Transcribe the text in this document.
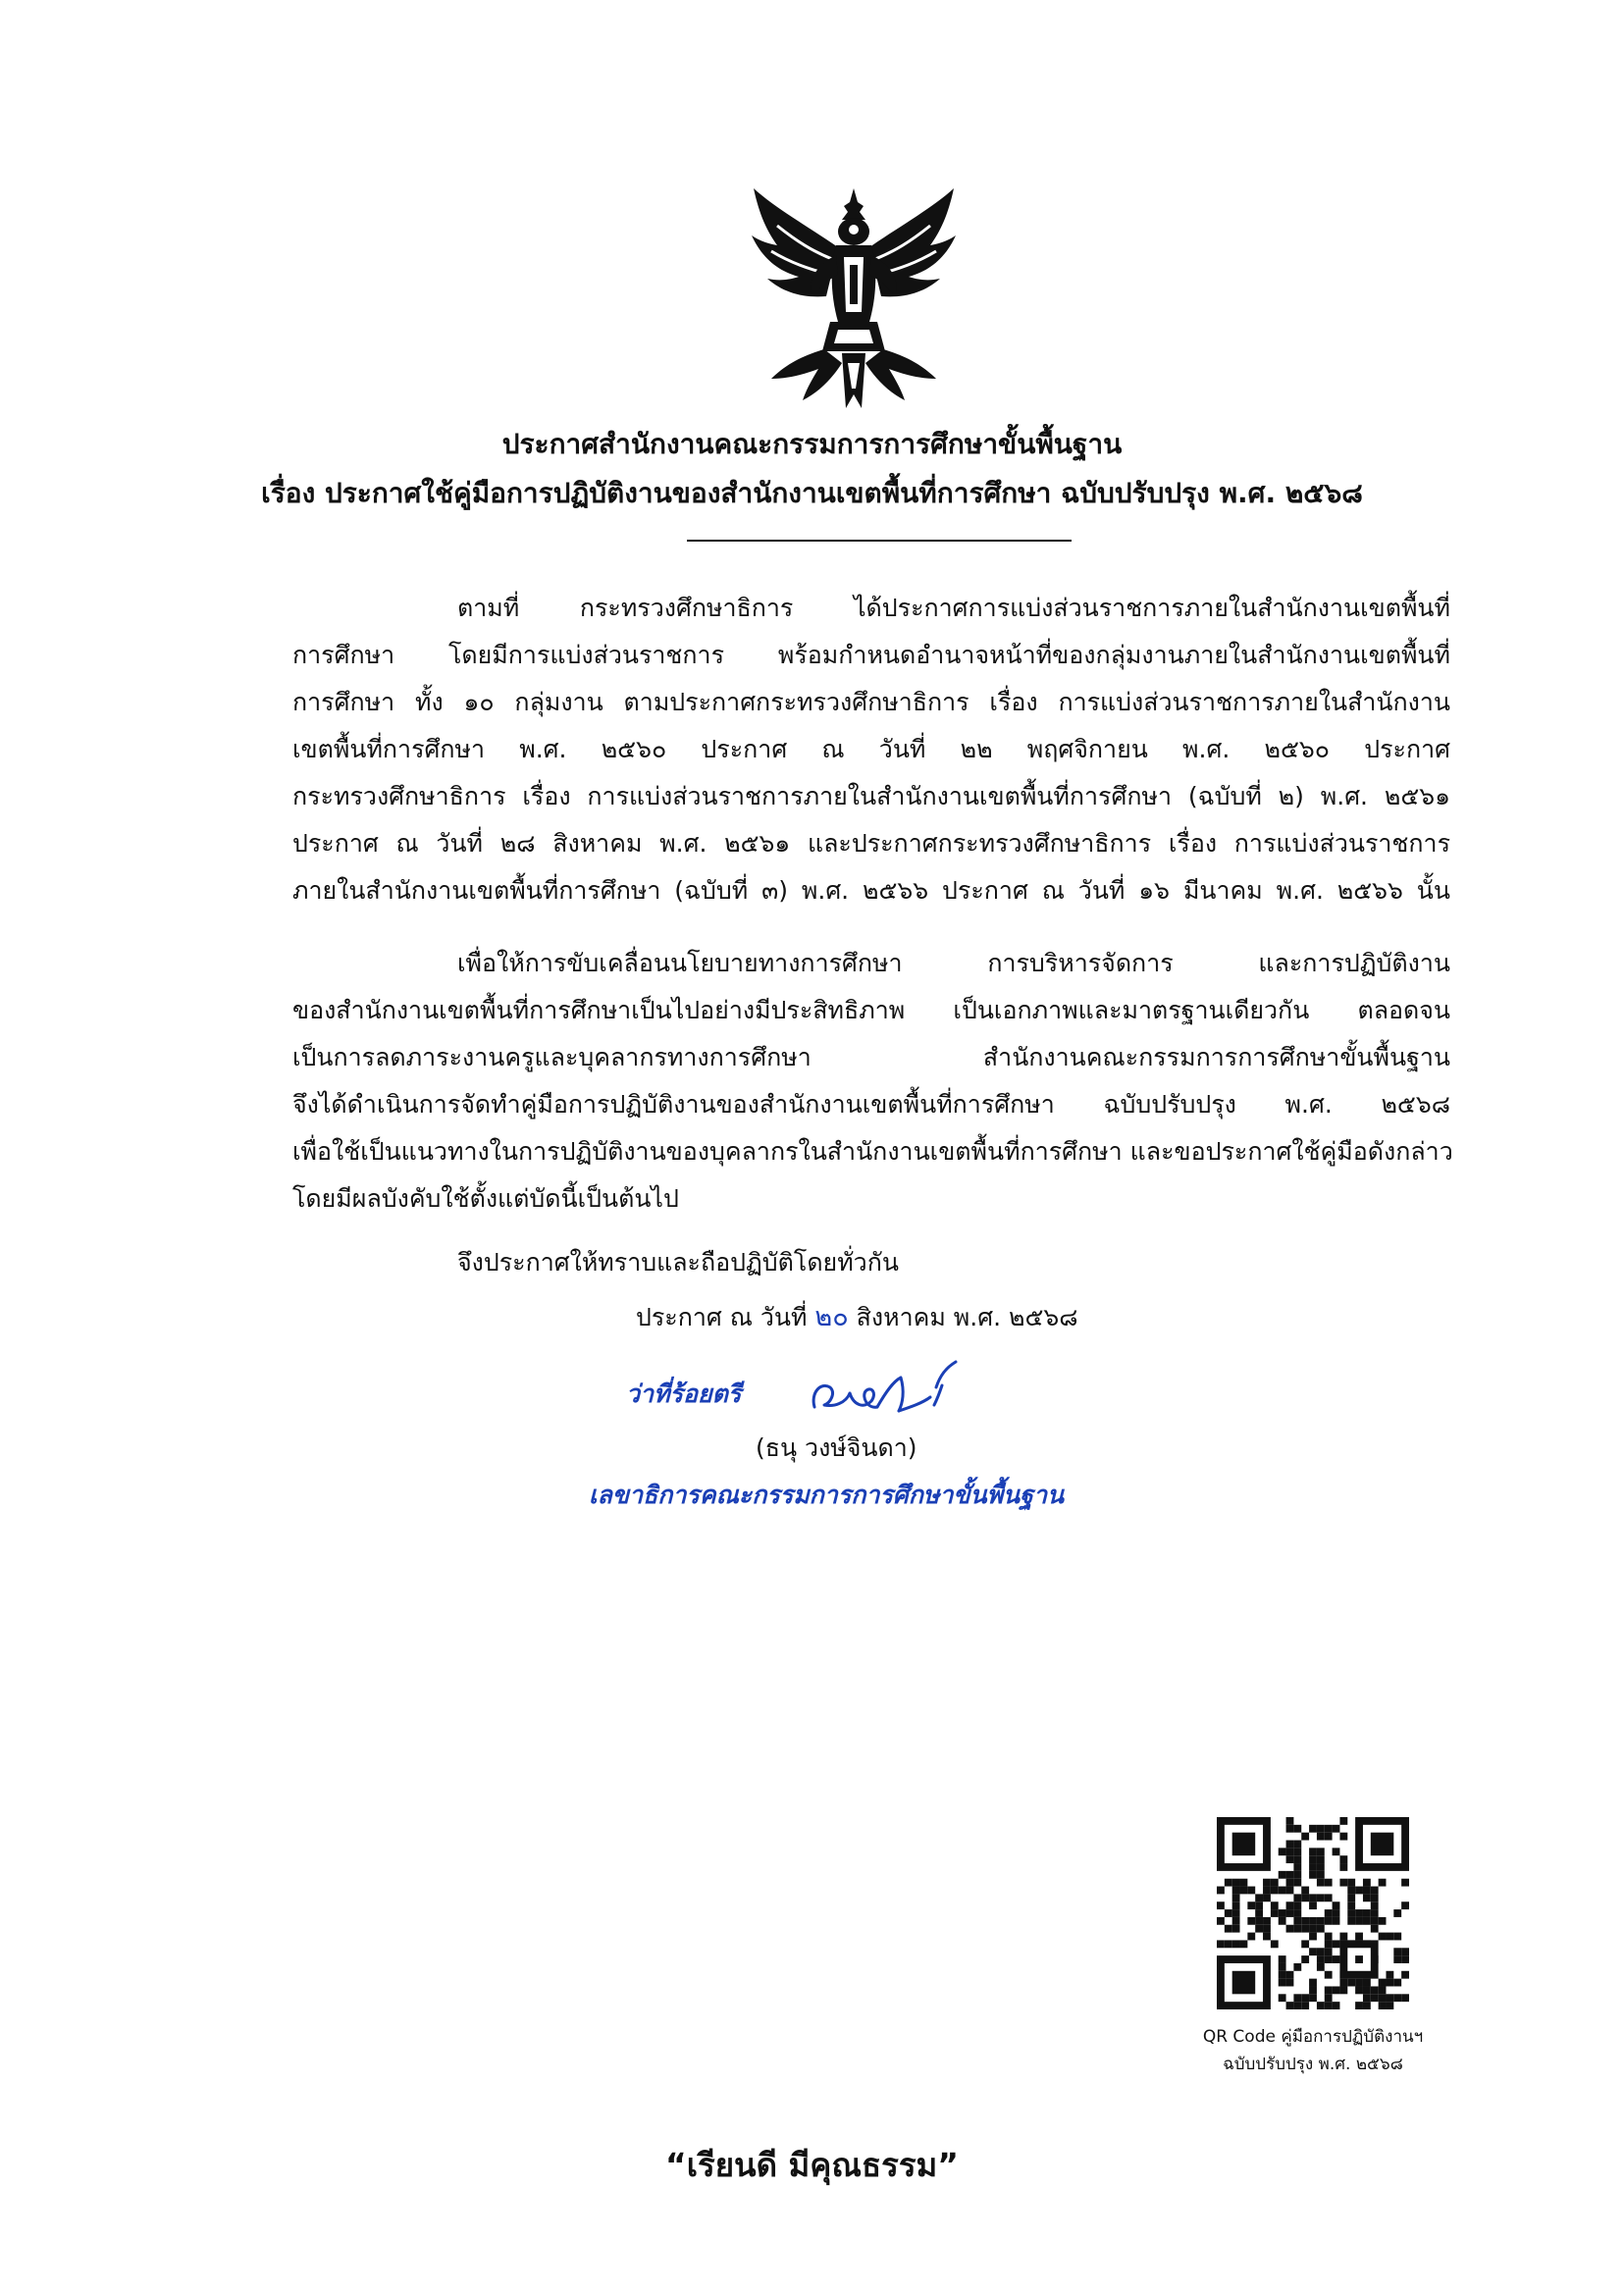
ประกาศสำนักงานคณะกรรมการการศึกษาขั้นพื้นฐาน
เรื่อง ประกาศใช้คู่มือการปฏิบัติงานของสำนักงานเขตพื้นที่การศึกษา ฉบับปรับปรุง พ.ศ. ๒๕๖๘

ตามที่ กระทรวงศึกษาธิการ ได้ประกาศการแบ่งส่วนราชการภายในสำนักงานเขตพื้นที่

การศึกษา โดยมีการแบ่งส่วนราชการ พร้อมกำหนดอำนาจหน้าที่ของกลุ่มงานภายในสำนักงานเขตพื้นที่

การศึกษา ทั้ง ๑๐ กลุ่มงาน ตามประกาศกระทรวงศึกษาธิการ เรื่อง การแบ่งส่วนราชการภายในสำนักงาน

เขตพื้นที่การศึกษา พ.ศ. ๒๕๖๐ ประกาศ ณ วันที่ ๒๒ พฤศจิกายน พ.ศ. ๒๕๖๐ ประกาศ

กระทรวงศึกษาธิการ เรื่อง การแบ่งส่วนราชการภายในสำนักงานเขตพื้นที่การศึกษา (ฉบับที่ ๒) พ.ศ. ๒๕๖๑

ประกาศ ณ วันที่ ๒๘ สิงหาคม พ.ศ. ๒๕๖๑ และประกาศกระทรวงศึกษาธิการ เรื่อง การแบ่งส่วนราชการ

ภายในสำนักงานเขตพื้นที่การศึกษา (ฉบับที่ ๓) พ.ศ. ๒๕๖๖ ประกาศ ณ วันที่ ๑๖ มีนาคม พ.ศ. ๒๕๖๖ นั้น

เพื่อให้การขับเคลื่อนนโยบายทางการศึกษา การบริหารจัดการ และการปฏิบัติงาน

ของสำนักงานเขตพื้นที่การศึกษาเป็นไปอย่างมีประสิทธิภาพ เป็นเอกภาพและมาตรฐานเดียวกัน ตลอดจน

เป็นการลดภาระงานครูและบุคลากรทางการศึกษา สำนักงานคณะกรรมการการศึกษาขั้นพื้นฐาน

จึงได้ดำเนินการจัดทำคู่มือการปฏิบัติงานของสำนักงานเขตพื้นที่การศึกษา ฉบับปรับปรุง พ.ศ. ๒๕๖๘

เพื่อใช้เป็นแนวทางในการปฏิบัติงานของบุคลากรในสำนักงานเขตพื้นที่การศึกษา และขอประกาศใช้คู่มือดังกล่าว

โดยมีผลบังคับใช้ตั้งแต่บัดนี้เป็นต้นไป

จึงประกาศให้ทราบและถือปฏิบัติโดยทั่วกัน

ประกาศ ณ วันที่ ๒๐ สิงหาคม พ.ศ. ๒๕๖๘
ว่าที่ร้อยตรี
(ธนุ วงษ์จินดา)
เลขาธิการคณะกรรมการการศึกษาขั้นพื้นฐาน
QR Code คู่มือการปฏิบัติงานฯ
ฉบับปรับปรุง พ.ศ. ๒๕๖๘
“เรียนดี มีคุณธรรม”
